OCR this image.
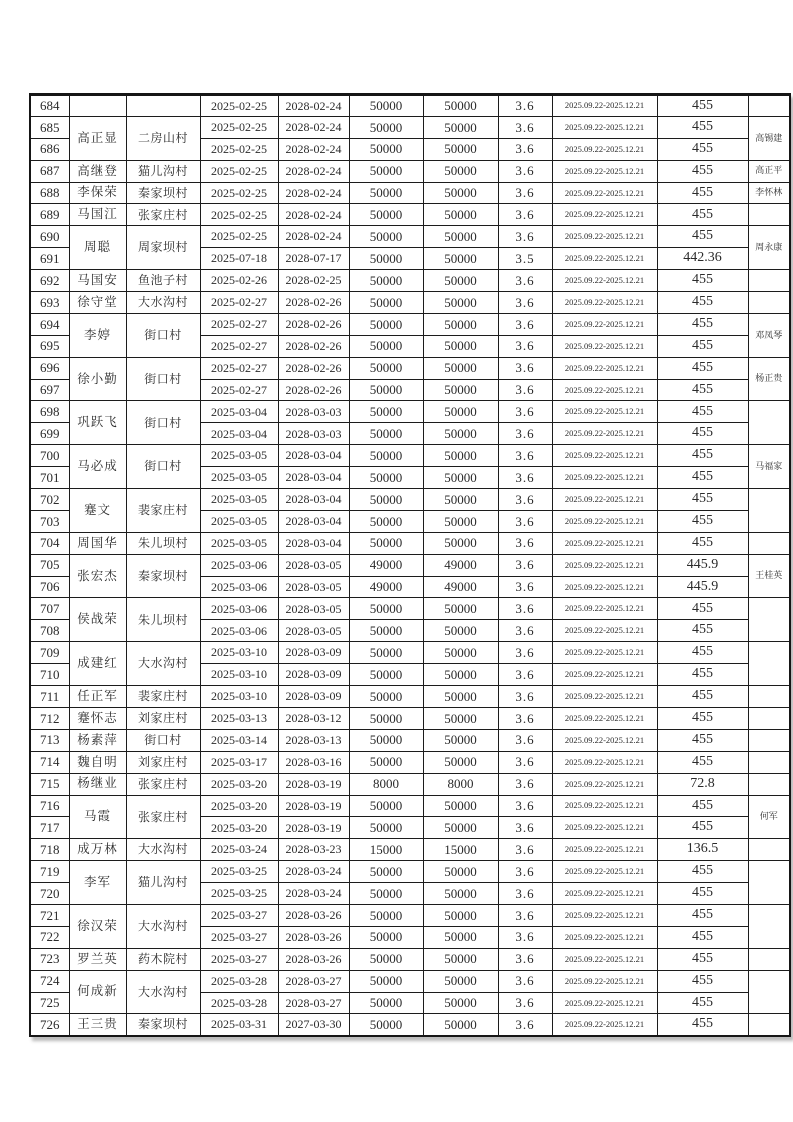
684			2025-02-25	2028-02-24	50000	50000	3.6	2025.09.22-2025.12.21	455	
685	高正显	二房山村	2025-02-25	2028-02-24	50000	50000	3.6	2025.09.22-2025.12.21	455	高锡建
686			2025-02-25	2028-02-24	50000	50000	3.6	2025.09.22-2025.12.21	455	
687	高继登	猫儿沟村	2025-02-25	2028-02-24	50000	50000	3.6	2025.09.22-2025.12.21	455	高正平
688	李保荣	秦家坝村	2025-02-25	2028-02-24	50000	50000	3.6	2025.09.22-2025.12.21	455	李怀林
689	马国江	张家庄村	2025-02-25	2028-02-24	50000	50000	3.6	2025.09.22-2025.12.21	455	
690	周聪	周家坝村	2025-02-25	2028-02-24	50000	50000	3.6	2025.09.22-2025.12.21	455	周永康
691			2025-07-18	2028-07-17	50000	50000	3.5	2025.09.22-2025.12.21	442.36	
692	马国安	鱼池子村	2025-02-26	2028-02-25	50000	50000	3.6	2025.09.22-2025.12.21	455	
693	徐守堂	大水沟村	2025-02-27	2028-02-26	50000	50000	3.6	2025.09.22-2025.12.21	455	
694	李婷	街口村	2025-02-27	2028-02-26	50000	50000	3.6	2025.09.22-2025.12.21	455	邓凤琴
695			2025-02-27	2028-02-26	50000	50000	3.6	2025.09.22-2025.12.21	455	
696	徐小勤	街口村	2025-02-27	2028-02-26	50000	50000	3.6	2025.09.22-2025.12.21	455	杨正贵
697			2025-02-27	2028-02-26	50000	50000	3.6	2025.09.22-2025.12.21	455	
698	巩跃飞	街口村	2025-03-04	2028-03-03	50000	50000	3.6	2025.09.22-2025.12.21	455	
699			2025-03-04	2028-03-03	50000	50000	3.6	2025.09.22-2025.12.21	455	
700	马必成	街口村	2025-03-05	2028-03-04	50000	50000	3.6	2025.09.22-2025.12.21	455	马福家
701			2025-03-05	2028-03-04	50000	50000	3.6	2025.09.22-2025.12.21	455	
702	蹇文	裴家庄村	2025-03-05	2028-03-04	50000	50000	3.6	2025.09.22-2025.12.21	455	
703			2025-03-05	2028-03-04	50000	50000	3.6	2025.09.22-2025.12.21	455	
704	周国华	朱儿坝村	2025-03-05	2028-03-04	50000	50000	3.6	2025.09.22-2025.12.21	455	
705	张宏杰	秦家坝村	2025-03-06	2028-03-05	49000	49000	3.6	2025.09.22-2025.12.21	445.9	王桂英
706			2025-03-06	2028-03-05	49000	49000	3.6	2025.09.22-2025.12.21	445.9	
707	侯战荣	朱儿坝村	2025-03-06	2028-03-05	50000	50000	3.6	2025.09.22-2025.12.21	455	
708			2025-03-06	2028-03-05	50000	50000	3.6	2025.09.22-2025.12.21	455	
709	成建红	大水沟村	2025-03-10	2028-03-09	50000	50000	3.6	2025.09.22-2025.12.21	455	
710			2025-03-10	2028-03-09	50000	50000	3.6	2025.09.22-2025.12.21	455	
711	任正军	裴家庄村	2025-03-10	2028-03-09	50000	50000	3.6	2025.09.22-2025.12.21	455	
712	蹇怀志	刘家庄村	2025-03-13	2028-03-12	50000	50000	3.6	2025.09.22-2025.12.21	455	
713	杨素萍	街口村	2025-03-14	2028-03-13	50000	50000	3.6	2025.09.22-2025.12.21	455	
714	魏自明	刘家庄村	2025-03-17	2028-03-16	50000	50000	3.6	2025.09.22-2025.12.21	455	
715	杨继业	张家庄村	2025-03-20	2028-03-19	8000	8000	3.6	2025.09.22-2025.12.21	72.8	
716	马霞	张家庄村	2025-03-20	2028-03-19	50000	50000	3.6	2025.09.22-2025.12.21	455	何军
717			2025-03-20	2028-03-19	50000	50000	3.6	2025.09.22-2025.12.21	455	
718	成万林	大水沟村	2025-03-24	2028-03-23	15000	15000	3.6	2025.09.22-2025.12.21	136.5	
719	李军	猫儿沟村	2025-03-25	2028-03-24	50000	50000	3.6	2025.09.22-2025.12.21	455	
720			2025-03-25	2028-03-24	50000	50000	3.6	2025.09.22-2025.12.21	455	
721	徐汉荣	大水沟村	2025-03-27	2028-03-26	50000	50000	3.6	2025.09.22-2025.12.21	455	
722			2025-03-27	2028-03-26	50000	50000	3.6	2025.09.22-2025.12.21	455	
723	罗兰英	药木院村	2025-03-27	2028-03-26	50000	50000	3.6	2025.09.22-2025.12.21	455	
724	何成新	大水沟村	2025-03-28	2028-03-27	50000	50000	3.6	2025.09.22-2025.12.21	455	
725			2025-03-28	2028-03-27	50000	50000	3.6	2025.09.22-2025.12.21	455	
726	王三贵	秦家坝村	2025-03-31	2027-03-30	50000	50000	3.6	2025.09.22-2025.12.21	455	
